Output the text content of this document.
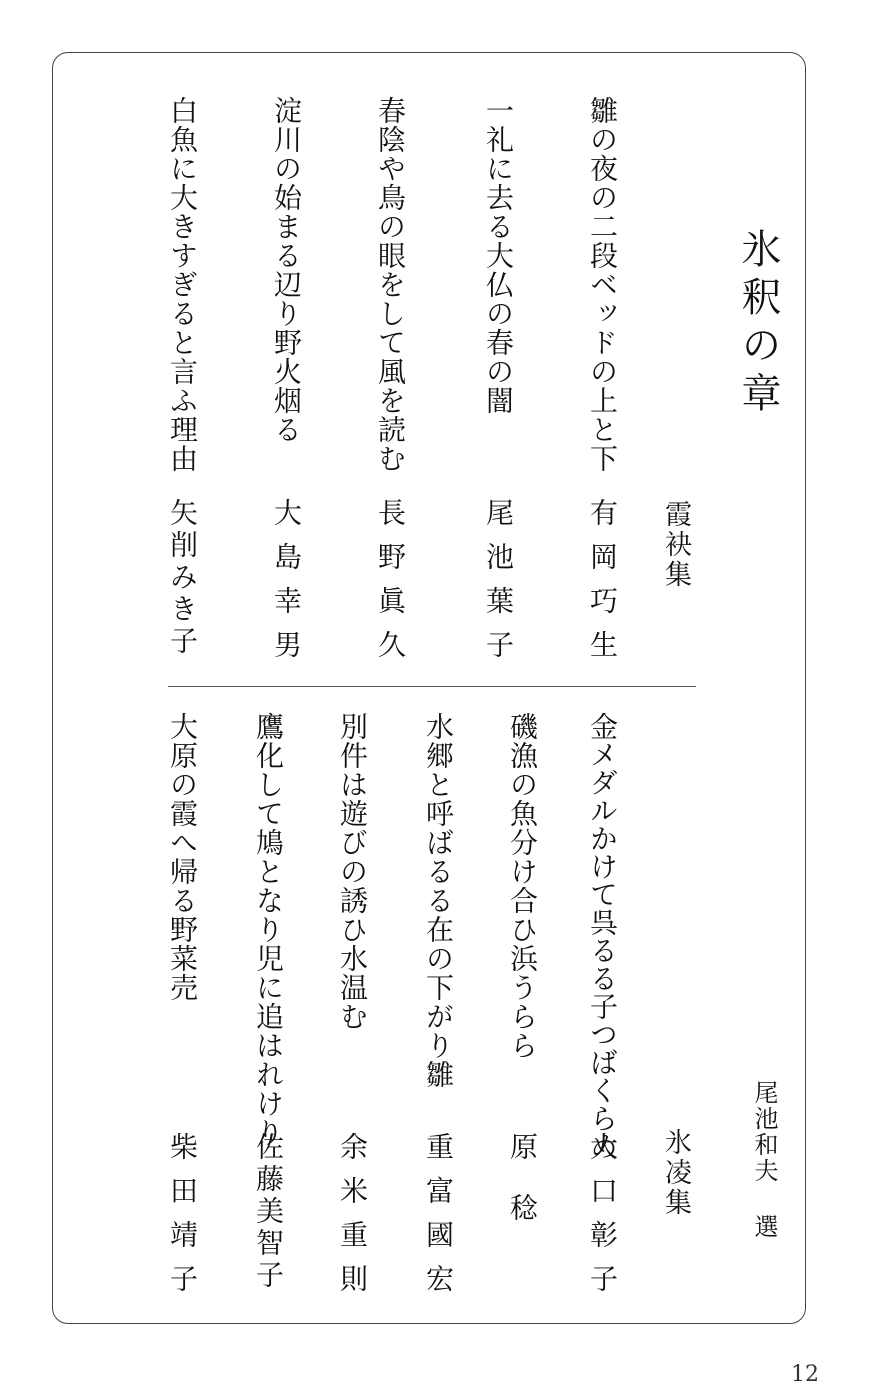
氷釈の章
尾池和夫 選
霞袂集
雛の夜の二段ベッドの上と下
有岡巧生
一礼に去る大仏の春の闇
尾池葉子
春陰や鳥の眼をして風を読む
長野眞久
淀川の始まる辺り野火烟る
大島幸男
白魚に大きすぎると言ふ理由
矢削みき子
氷凌集
金メダルかけて呉るる子つばくらめ
大口彰子
磯漁の魚分け合ひ浜うらら
原 稔
水郷と呼ばるる在の下がり雛
重富國宏
別件は遊びの誘ひ水温む
余米重則
鷹化して鳩となり児に追はれけり
佐藤美智子
大原の霞へ帰る野菜売
柴田靖子
12
